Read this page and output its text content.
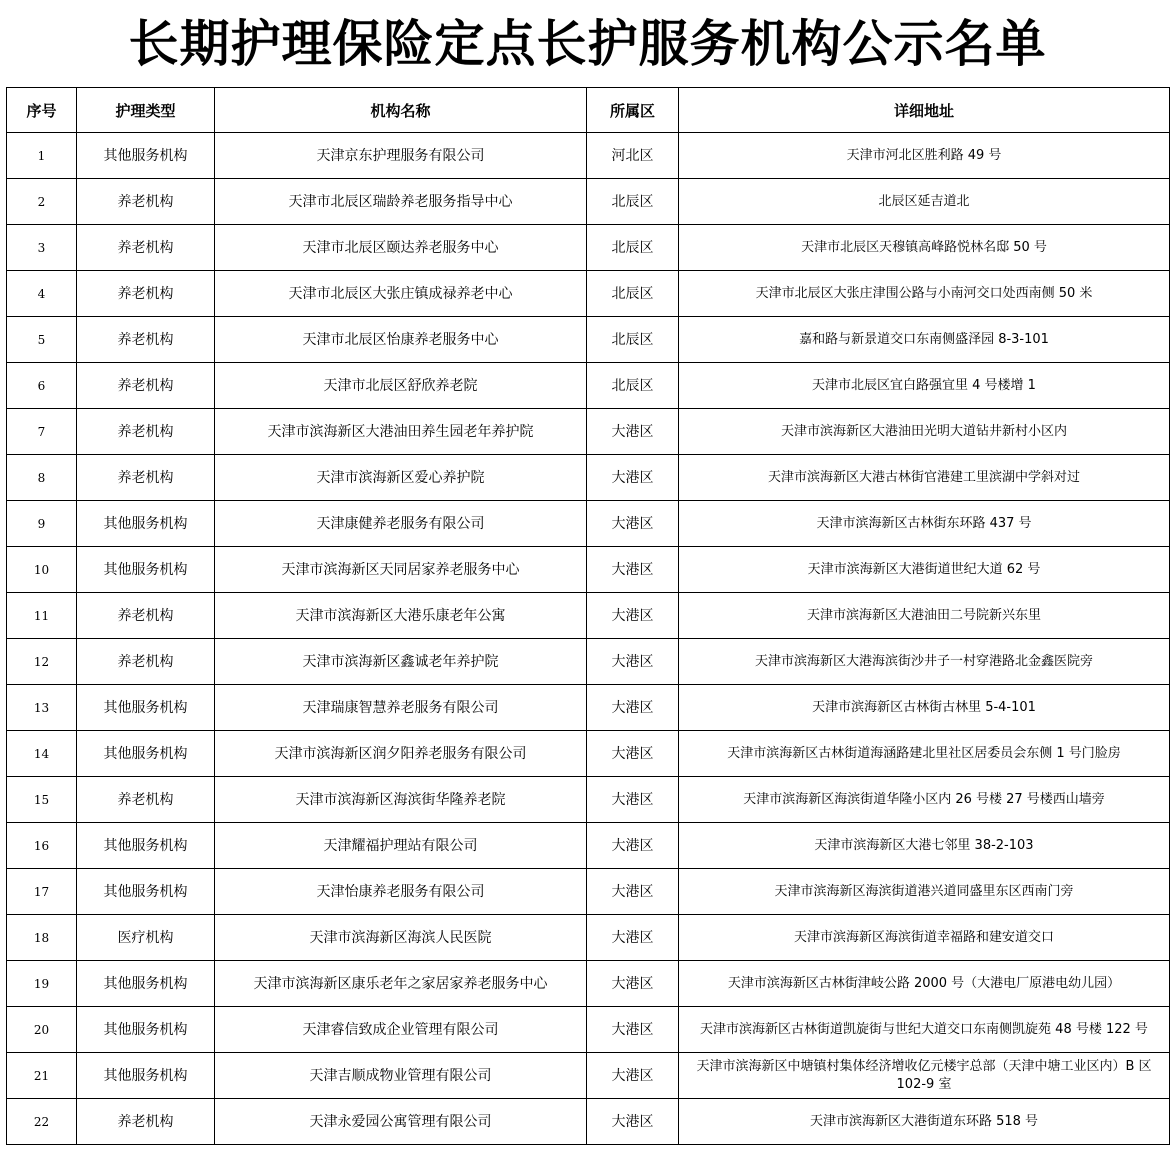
长期护理保险定点长护服务机构公示名单
序号	护理类型	机构名称	所属区	详细地址
1	其他服务机构	天津京东护理服务有限公司	河北区	天津市河北区胜利路 49 号
2	养老机构	天津市北辰区瑞龄养老服务指导中心	北辰区	北辰区延吉道北
3	养老机构	天津市北辰区颐达养老服务中心	北辰区	天津市北辰区天穆镇高峰路悦林名邸 50 号
4	养老机构	天津市北辰区大张庄镇成禄养老中心	北辰区	天津市北辰区大张庄津围公路与小南河交口处西南侧 50 米
5	养老机构	天津市北辰区怡康养老服务中心	北辰区	嘉和路与新景道交口东南侧盛泽园 8-3-101
6	养老机构	天津市北辰区舒欣养老院	北辰区	天津市北辰区宜白路强宜里 4 号楼增 1
7	养老机构	天津市滨海新区大港油田养生园老年养护院	大港区	天津市滨海新区大港油田光明大道钻井新村小区内
8	养老机构	天津市滨海新区爱心养护院	大港区	天津市滨海新区大港古林街官港建工里滨湖中学斜对过
9	其他服务机构	天津康健养老服务有限公司	大港区	天津市滨海新区古林街东环路 437 号
10	其他服务机构	天津市滨海新区天同居家养老服务中心	大港区	天津市滨海新区大港街道世纪大道 62 号
11	养老机构	天津市滨海新区大港乐康老年公寓	大港区	天津市滨海新区大港油田二号院新兴东里
12	养老机构	天津市滨海新区鑫诚老年养护院	大港区	天津市滨海新区大港海滨街沙井子一村穿港路北金鑫医院旁
13	其他服务机构	天津瑞康智慧养老服务有限公司	大港区	天津市滨海新区古林街古林里 5-4-101
14	其他服务机构	天津市滨海新区润夕阳养老服务有限公司	大港区	天津市滨海新区古林街道海涵路建北里社区居委员会东侧 1 号门脸房
15	养老机构	天津市滨海新区海滨街华隆养老院	大港区	天津市滨海新区海滨街道华隆小区内 26 号楼 27 号楼西山墙旁
16	其他服务机构	天津耀福护理站有限公司	大港区	天津市滨海新区大港七邻里 38-2-103
17	其他服务机构	天津怡康养老服务有限公司	大港区	天津市滨海新区海滨街道港兴道同盛里东区西南门旁
18	医疗机构	天津市滨海新区海滨人民医院	大港区	天津市滨海新区海滨街道幸福路和建安道交口
19	其他服务机构	天津市滨海新区康乐老年之家居家养老服务中心	大港区	天津市滨海新区古林街津岐公路 2000 号（大港电厂原港电幼儿园）
20	其他服务机构	天津睿信致成企业管理有限公司	大港区	天津市滨海新区古林街道凯旋街与世纪大道交口东南侧凯旋苑 48 号楼 122 号
21	其他服务机构	天津吉顺成物业管理有限公司	大港区	天津市滨海新区中塘镇村集体经济增收亿元楼宇总部（天津中塘工业区内）B 区 102-9 室
22	养老机构	天津永爱园公寓管理有限公司	大港区	天津市滨海新区大港街道东环路 518 号
